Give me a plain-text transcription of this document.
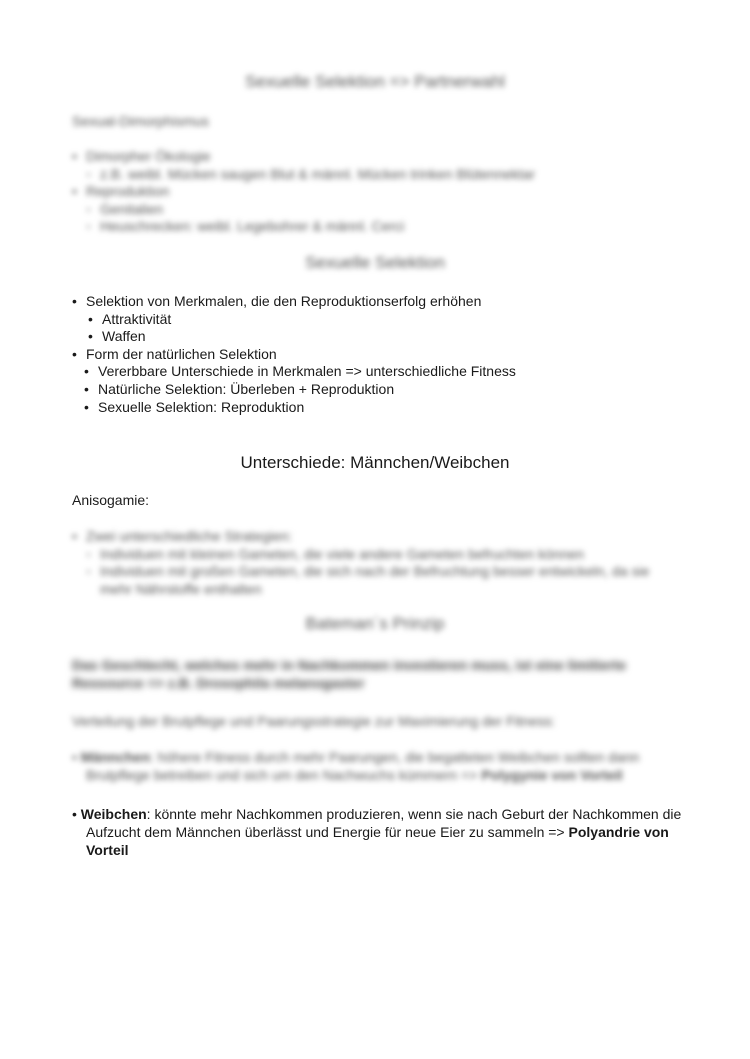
Sexuelle Selektion => Partnerwahl
Sexual-Dimorphismus
• Dimorpher Ökologie
◦ z.B. weibl. Mücken saugen Blut & männl. Mücken trinken Blütennektar
• Reproduktion
◦ Genitalien
◦ Heuschrecken: weibl. Legebohrer & männl. Cerci
Sexuelle Selektion
• Selektion von Merkmalen, die den Reproduktionserfolg erhöhen
• Attraktivität
• Waffen
• Form der natürlichen Selektion
• Vererbbare Unterschiede in Merkmalen => unterschiedliche Fitness
• Natürliche Selektion: Überleben + Reproduktion
• Sexuelle Selektion: Reproduktion
Unterschiede: Männchen/Weibchen
Anisogamie:
• Zwei unterschiedliche Strategien:
◦ Individuen mit kleinen Gameten, die viele andere Gameten befruchten können
◦ Individuen mit großen Gameten, die sich nach der Befruchtung besser entwickeln, da sie mehr Nährstoffe enthalten
Bateman´s Prinzip
Das Geschlecht, welches mehr in Nachkommen investieren muss, ist eine limitierte Ressource => z.B. Drosophila melanogaster
Verteilung der Brutpflege und Paarungsstrategie zur Maximierung der Fitness:
• Männchen: höhere Fitness durch mehr Paarungen, die begatteten Weibchen sollten dann Brutpflege betreiben und sich um den Nachwuchs kümmern => Polygynie von Vorteil
• Weibchen: könnte mehr Nachkommen produzieren, wenn sie nach Geburt der Nachkommen die Aufzucht dem Männchen überlässt und Energie für neue Eier zu sammeln => Polyandrie von Vorteil
